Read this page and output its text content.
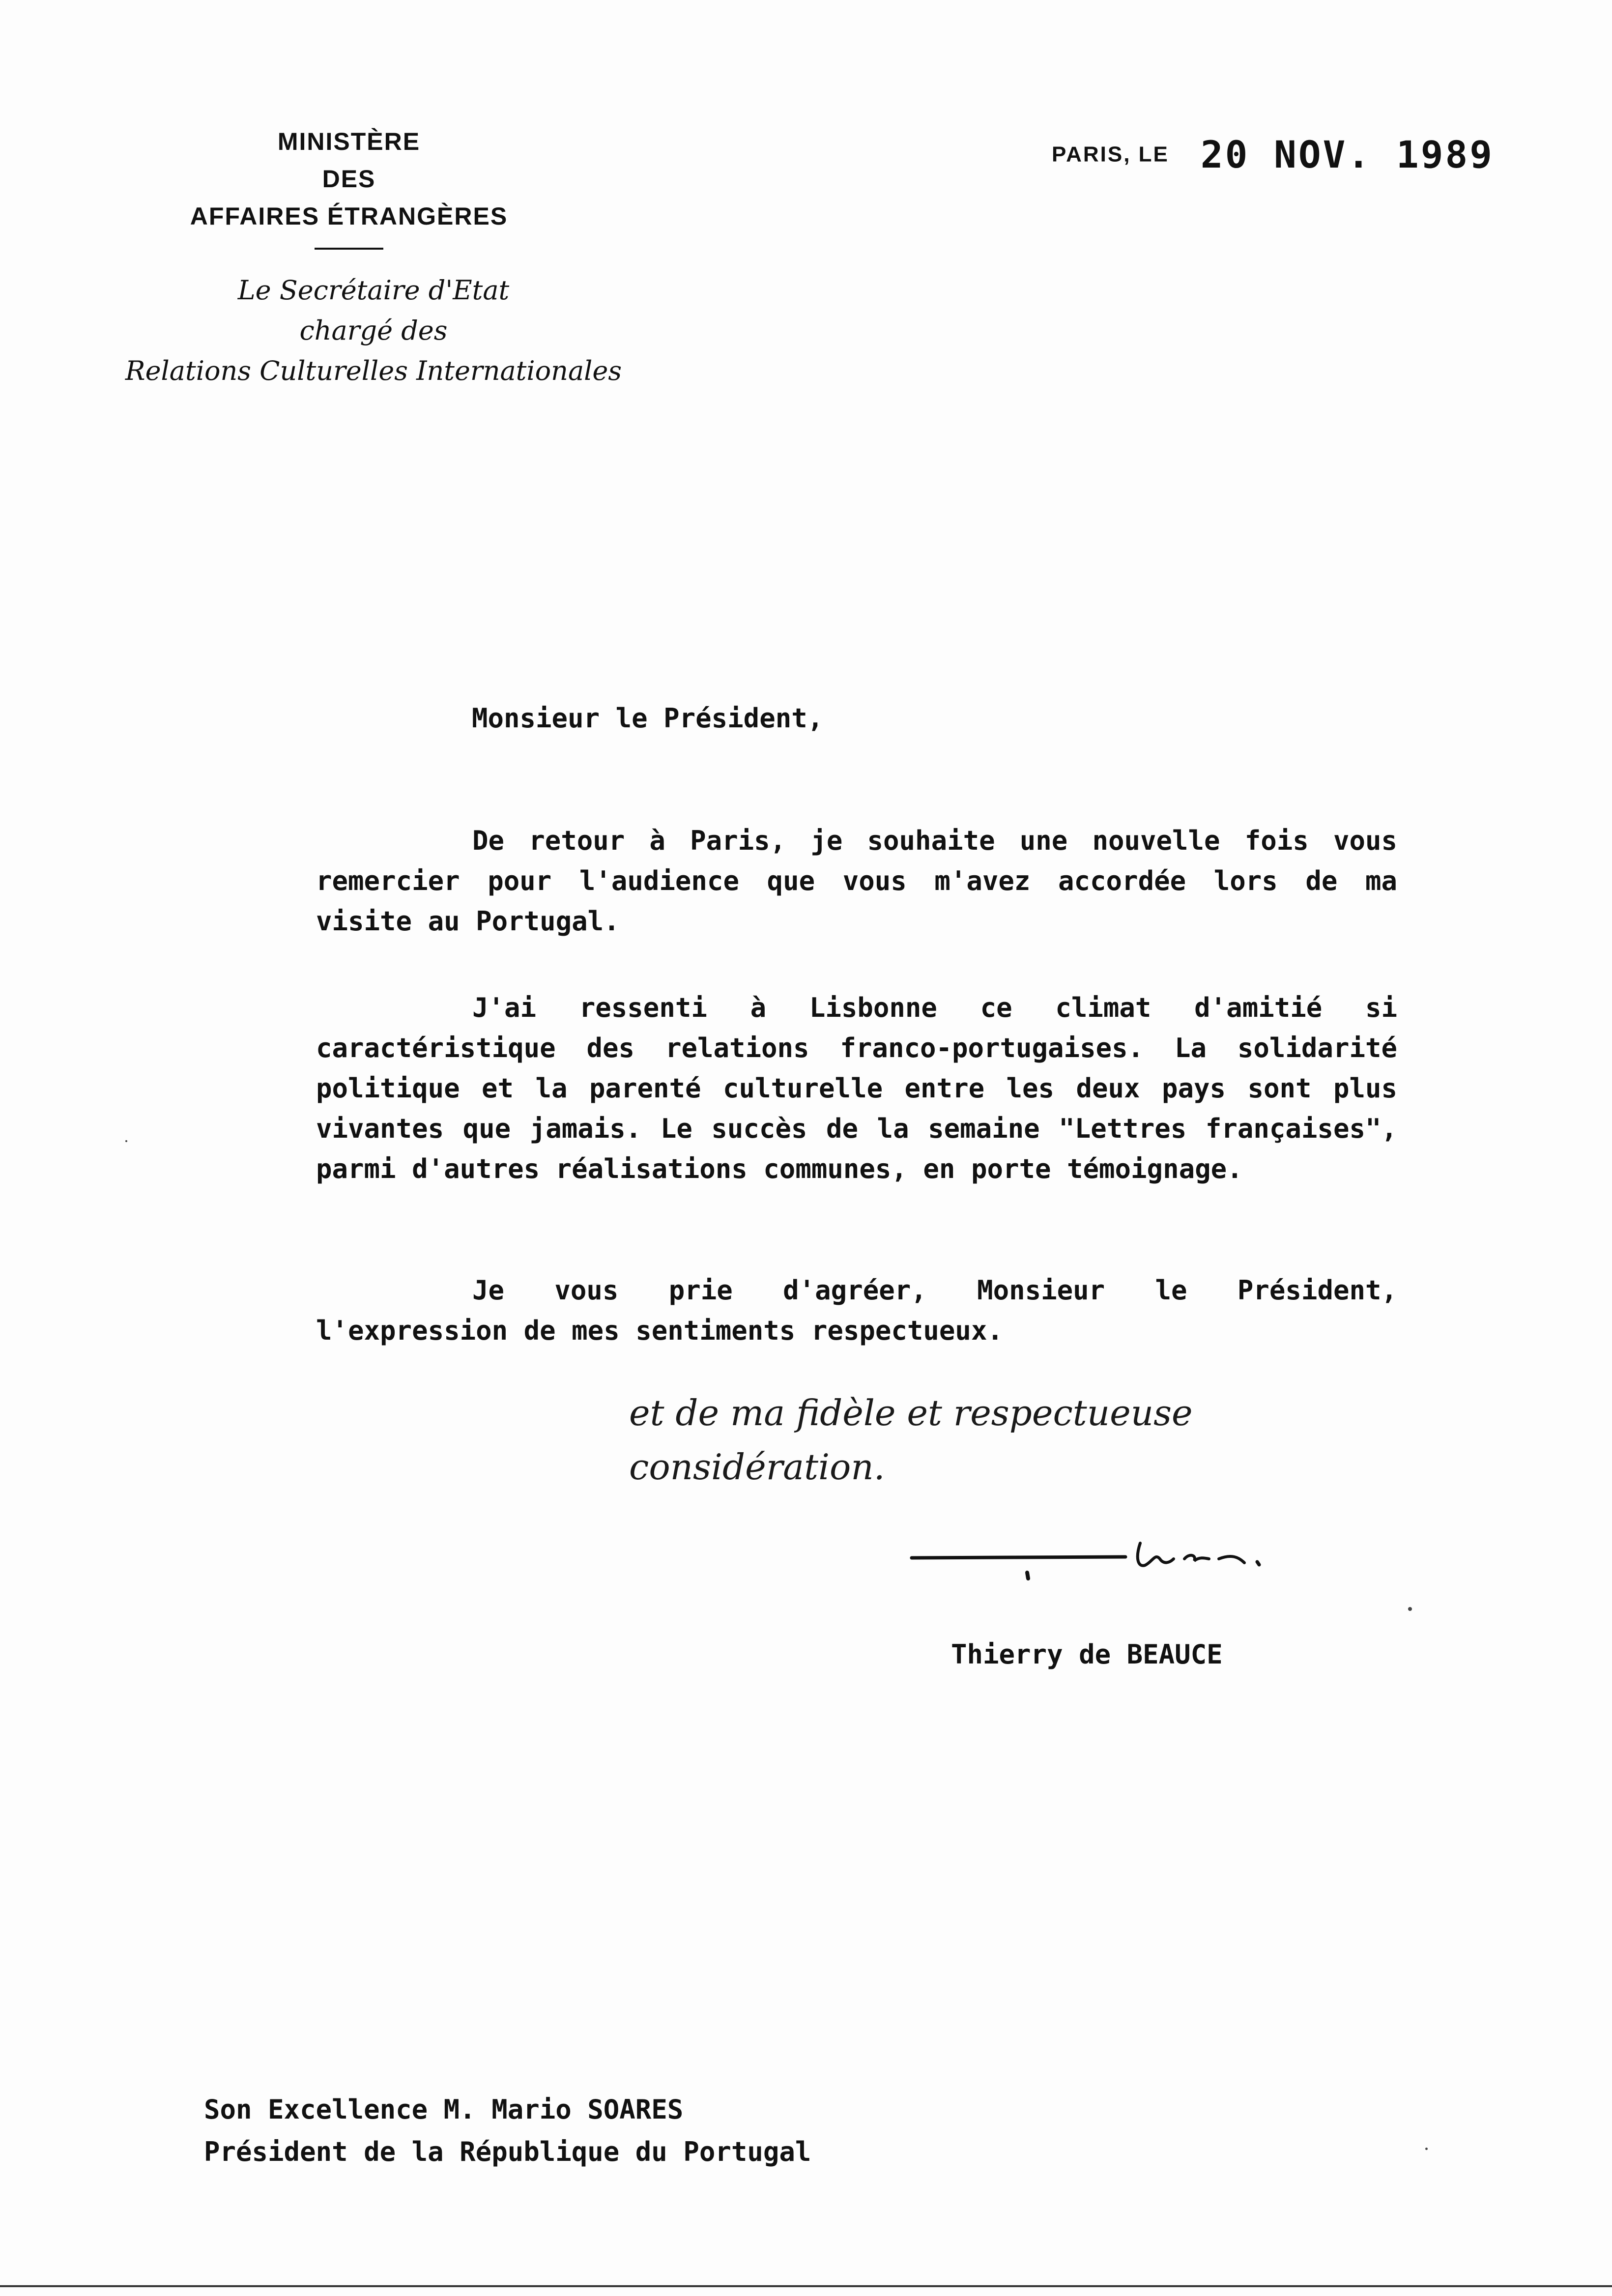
MINISTÈRE
DES
AFFAIRES ÉTRANGÈRES
Le Secrétaire d'Etat
chargé des
Relations Culturelles Internationales
PARIS, LE 20 NOV. 1989
Monsieur le Président,
De retour à Paris, je souhaite une nouvelle fois vous remercier pour l'audience que vous m'avez accordée lors de ma visite au Portugal.
J'ai ressenti à Lisbonne ce climat d'amitié si caractéristique des relations franco-portugaises. La solidarité politique et la parenté culturelle entre les deux pays sont plus vivantes que jamais. Le succès de la semaine "Lettres françaises", parmi d'autres réalisations communes, en porte témoignage.
Je vous prie d'agréer, Monsieur le Président, l'expression de mes sentiments respectueux.
et de ma fidèle et respectueuse
considération.
Thierry de BEAUCE
Son Excellence M. Mario SOARES
Président de la République du Portugal
